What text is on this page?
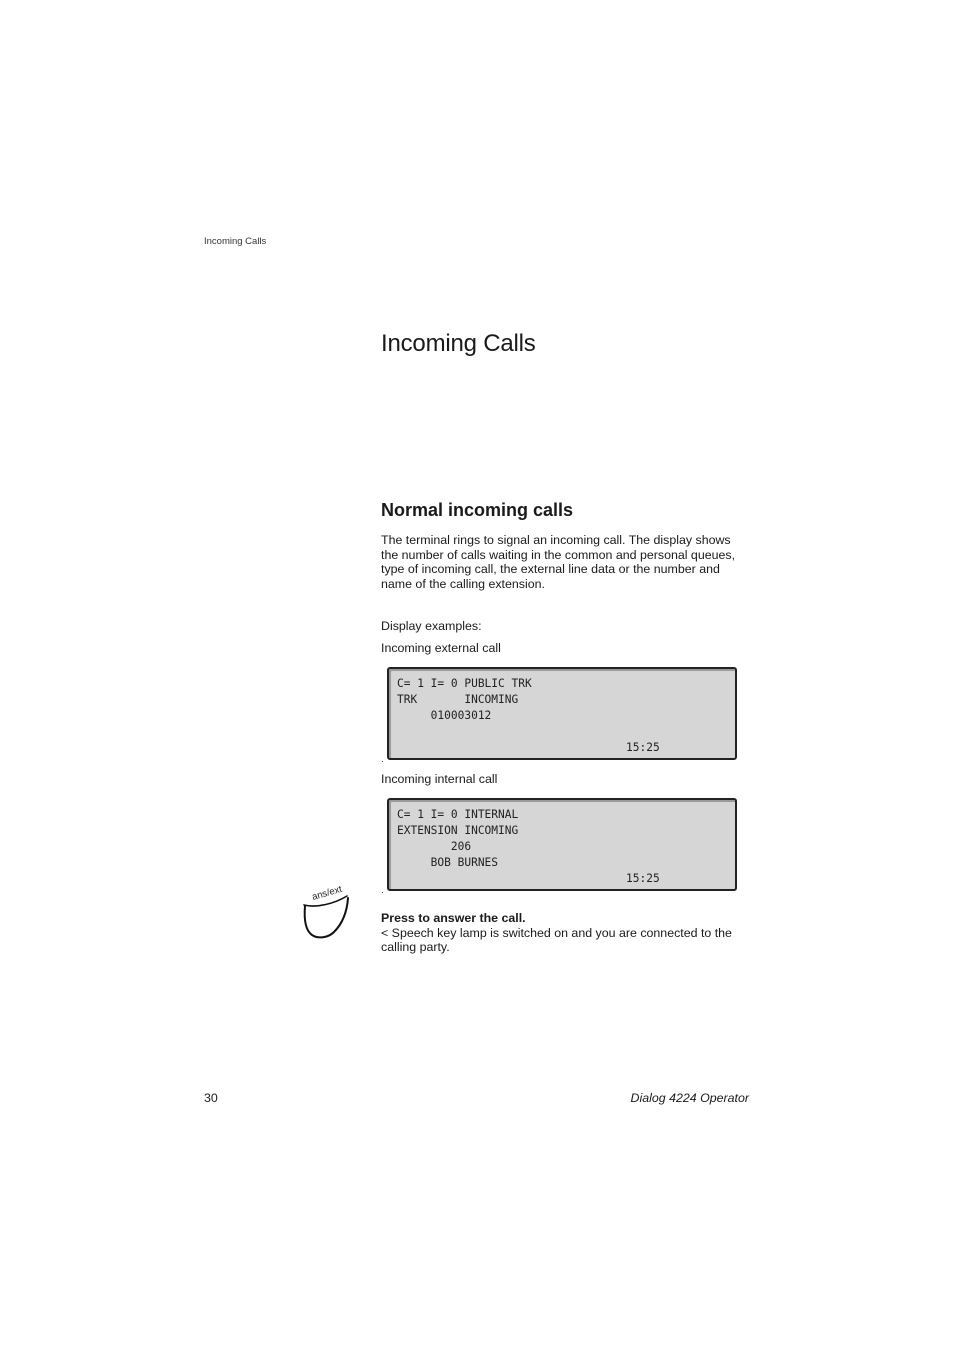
Incoming Calls
Incoming Calls
Normal incoming calls
The terminal rings to signal an incoming call. The display shows the number of calls waiting in the common and personal queues, type of incoming call, the external line data or the number and name of the calling extension.
Display examples:
Incoming external call
C= 1 I= 0 PUBLIC TRK
TRK       INCOMING
010003012
15:25
.
Incoming internal call
C= 1 I= 0 INTERNAL
EXTENSION INCOMING
206
BOB BURNES
15:25
.
ans/ext
Press to answer the call.
< Speech key lamp is switched on and you are connected to the calling party.
30	Dialog 4224 Operator
